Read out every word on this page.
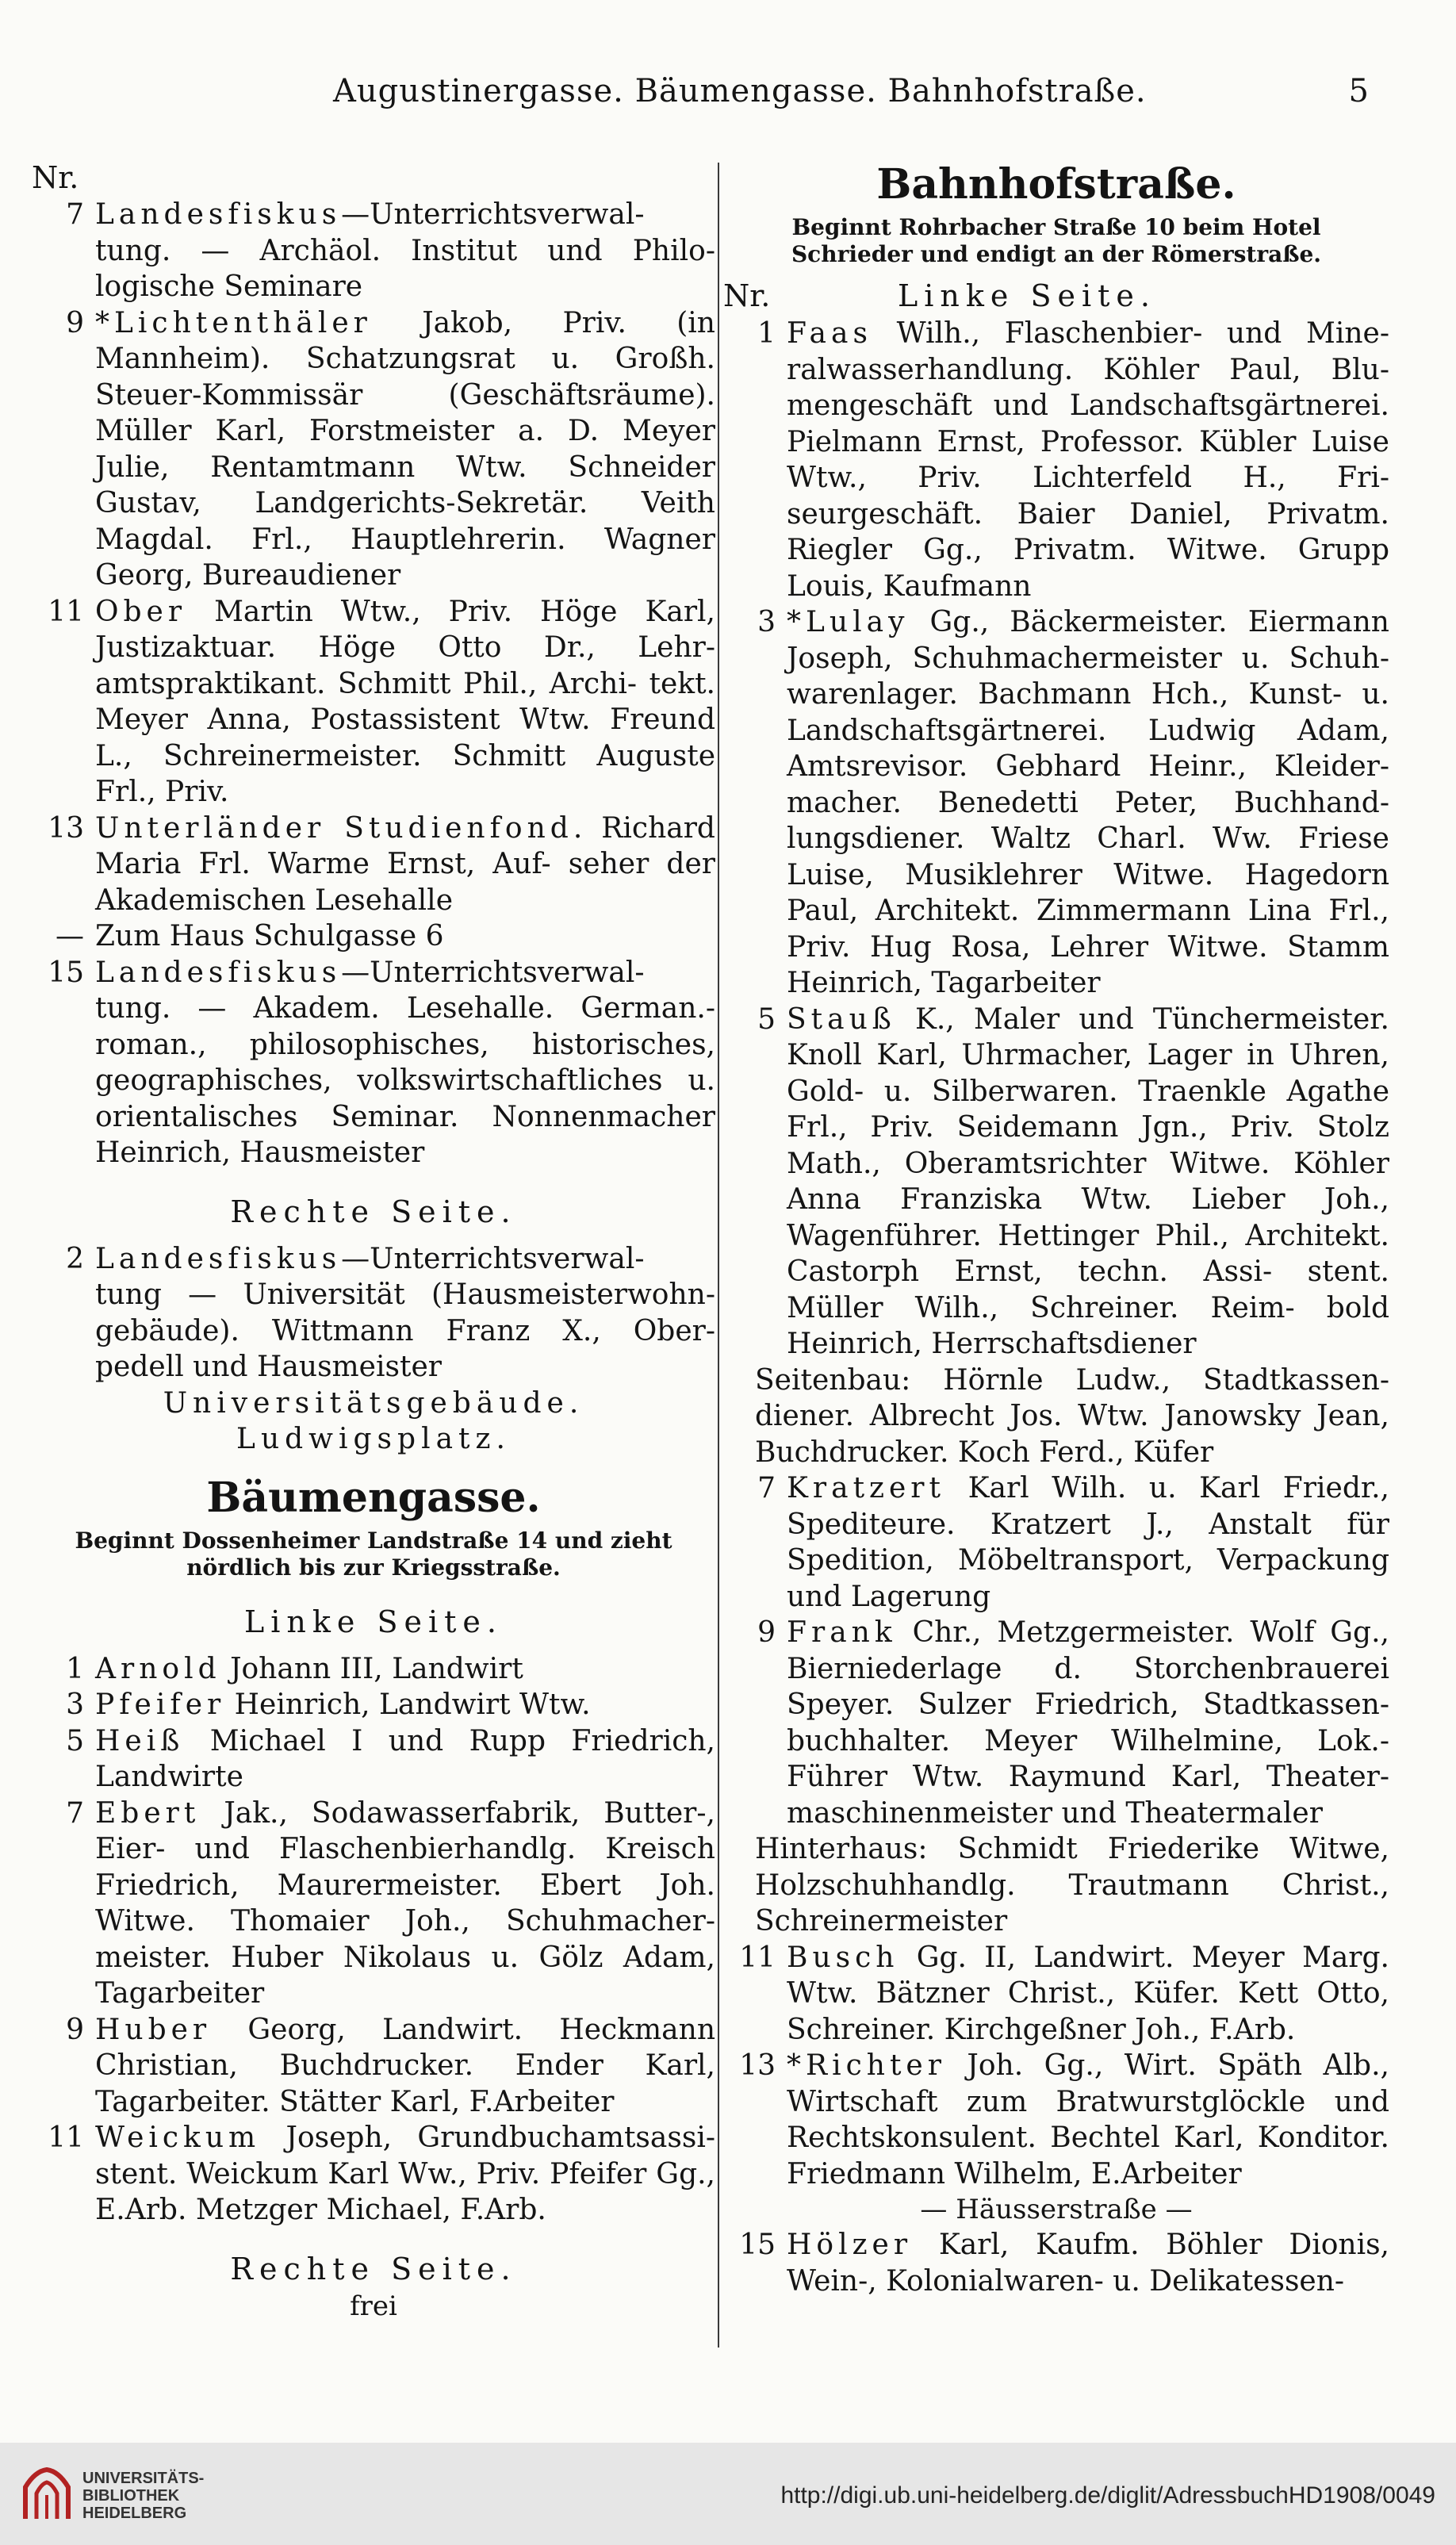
Augustinergasse. Bäumengasse. Bahnhofstraße.	5
Nr.
7 Landesfiskus—Unterrichtsverwal- tung. — Archäol. Institut und Philo- logische Seminare
9 *Lichtenthäler Jakob, Priv. (in Mannheim). Schatzungsrat u. Großh. Steuer-Kommissär (Geschäftsräume). Müller Karl, Forstmeister a. D. Meyer Julie, Rentamtmann Wtw. Schneider Gustav, Landgerichts-Sekretär. Veith Magdal. Frl., Hauptlehrerin. Wagner Georg, Bureaudiener
11 Ober Martin Wtw., Priv. Höge Karl, Justizaktuar. Höge Otto Dr., Lehr- amtspraktikant. Schmitt Phil., Archi- tekt. Meyer Anna, Postassistent Wtw. Freund L., Schreinermeister. Schmitt Auguste Frl., Priv.
13 Unterländer Studienfond. Richard Maria Frl. Warme Ernst, Auf- seher der Akademischen Lesehalle
— Zum Haus Schulgasse 6
15 Landesfiskus—Unterrichtsverwal- tung. — Akadem. Lesehalle. German.- roman., philosophisches, historisches, geographisches, volkswirtschaftliches u. orientalisches Seminar. Nonnenmacher Heinrich, Hausmeister
Rechte Seite.
2 Landesfiskus—Unterrichtsverwal- tung — Universität (Hausmeisterwohn- gebäude). Wittmann Franz X., Ober- pedell und Hausmeister
Universitätsgebäude.
Ludwigsplatz.
Bäumengasse.
Beginnt Dossenheimer Landstraße 14 und zieht nördlich bis zur Kriegsstraße.
Linke Seite.
1 Arnold Johann III, Landwirt
3 Pfeifer Heinrich, Landwirt Wtw.
5 Heiß Michael I und Rupp Friedrich, Landwirte
7 Ebert Jak., Sodawasserfabrik, Butter-, Eier- und Flaschenbierhandlg. Kreisch Friedrich, Maurermeister. Ebert Joh. Witwe. Thomaier Joh., Schuhmacher- meister. Huber Nikolaus u. Gölz Adam, Tagarbeiter
9 Huber Georg, Landwirt. Heckmann Christian, Buchdrucker. Ender Karl, Tagarbeiter. Stätter Karl, F.Arbeiter
11 Weickum Joseph, Grundbuchamtsassi- stent. Weickum Karl Ww., Priv. Pfeifer Gg., E.Arb. Metzger Michael, F.Arb.
Rechte Seite.
frei
Bahnhofstraße.
Beginnt Rohrbacher Straße 10 beim Hotel Schrieder und endigt an der Römerstraße.
Nr.	Linke Seite.
1 Faas Wilh., Flaschenbier- und Mine- ralwasserhandlung. Köhler Paul, Blu- mengeschäft und Landschaftsgärtnerei. Pielmann Ernst, Professor. Kübler Luise Wtw., Priv. Lichterfeld H., Fri- seurgeschäft. Baier Daniel, Privatm. Riegler Gg., Privatm. Witwe. Grupp Louis, Kaufmann
3 *Lulay Gg., Bäckermeister. Eiermann Joseph, Schuhmachermeister u. Schuh- warenlager. Bachmann Hch., Kunst- u. Landschaftsgärtnerei. Ludwig Adam, Amtsrevisor. Gebhard Heinr., Kleider- macher. Benedetti Peter, Buchhand- lungsdiener. Waltz Charl. Ww. Friese Luise, Musiklehrer Witwe. Hagedorn Paul, Architekt. Zimmermann Lina Frl., Priv. Hug Rosa, Lehrer Witwe. Stamm Heinrich, Tagarbeiter
5 Stauß K., Maler und Tünchermeister. Knoll Karl, Uhrmacher, Lager in Uhren, Gold- u. Silberwaren. Traenkle Agathe Frl., Priv. Seidemann Jgn., Priv. Stolz Math., Oberamtsrichter Witwe. Köhler Anna Franziska Wtw. Lieber Joh., Wagenführer. Hettinger Phil., Architekt. Castorph Ernst, techn. Assi- stent. Müller Wilh., Schreiner. Reim- bold Heinrich, Herrschaftsdiener
Seitenbau: Hörnle Ludw., Stadtkassen- diener. Albrecht Jos. Wtw. Janowsky Jean, Buchdrucker. Koch Ferd., Küfer
7 Kratzert Karl Wilh. u. Karl Friedr., Spediteure. Kratzert J., Anstalt für Spedition, Möbeltransport, Verpackung und Lagerung
9 Frank Chr., Metzgermeister. Wolf Gg., Bierniederlage d. Storchenbrauerei Speyer. Sulzer Friedrich, Stadtkassen- buchhalter. Meyer Wilhelmine, Lok.- Führer Wtw. Raymund Karl, Theater- maschinenmeister und Theatermaler
Hinterhaus: Schmidt Friederike Witwe, Holzschuhhandlg. Trautmann Christ., Schreinermeister
11 Busch Gg. II, Landwirt. Meyer Marg. Wtw. Bätzner Christ., Küfer. Kett Otto, Schreiner. Kirchgeßner Joh., F.Arb.
13 *Richter Joh. Gg., Wirt. Späth Alb., Wirtschaft zum Bratwurstglöckle und Rechtskonsulent. Bechtel Karl, Konditor. Friedmann Wilhelm, E.Arbeiter
— Häusserstraße —
15 Hölzer Karl, Kaufm. Böhler Dionis, Wein-, Kolonialwaren- u. Delikatessen-
UNIVERSITÄTS-
BIBLIOTHEK
HEIDELBERG
http://digi.ub.uni-heidelberg.de/diglit/AdressbuchHD1908/0049
